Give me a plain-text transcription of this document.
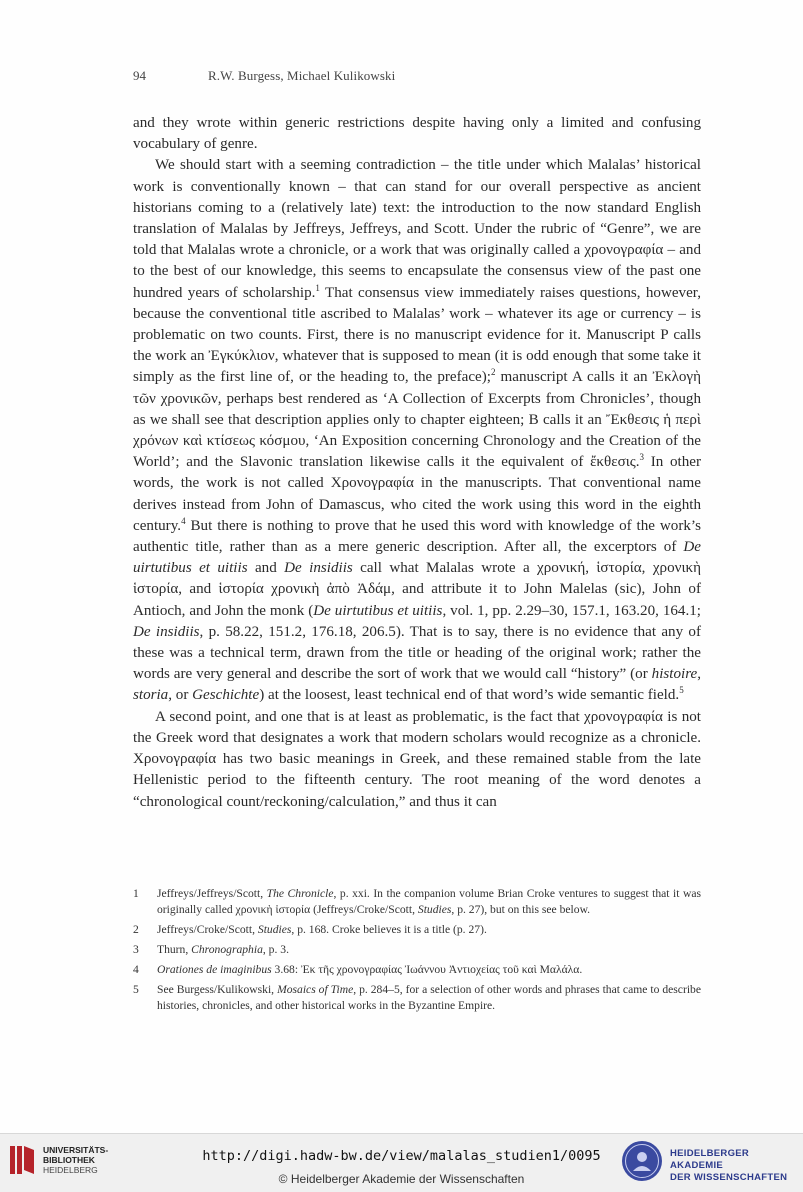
94	R.W. Burgess, Michael Kulikowski

and they wrote within generic restrictions despite having only a limited and confusing vocabulary of genre.

We should start with a seeming contradiction – the title under which Malalas’ historical work is conventionally known – that can stand for our overall perspective as ancient historians coming to a (relatively late) text: the introduction to the now standard English translation of Malalas by Jeffreys, Jeffreys, and Scott. Under the rubric of “Genre”, we are told that Malalas wrote a chronicle, or a work that was originally called a χρονογραφία – and to the best of our knowledge, this seems to encapsulate the consensus view of the past one hundred years of scholarship.$^1$ That consensus view immediately raises questions, however, because the conventional title ascribed to Malalas’ work – whatever its age or currency – is problematic on two counts. First, there is no manuscript evidence for it. Manuscript P calls the work an Ἐγκύκλιον, whatever that is supposed to mean (it is odd enough that some take it simply as the first line of, or the heading to, the preface);$^2$ manuscript A calls it an Ἐκλογὴ τῶν χρονικῶν, perhaps best rendered as ‘A Collection of Excerpts from Chronicles’, though as we shall see that description applies only to chapter eighteen; B calls it an Ἔκθεσις ἡ περὶ χρόνων καὶ κτίσεως κόσμου, ‘An Exposition concerning Chronology and the Creation of the World’; and the Slavonic translation likewise calls it the equivalent of ἔκθεσις.$^3$ In other words, the work is not called Χρονογραφία in the manuscripts. That conventional name derives instead from John of Damascus, who cited the work using this word in the eighth century.$^4$ But there is nothing to prove that he used this word with knowledge of the work’s authentic title, rather than as a mere generic description. After all, the excerptors of De uirtutibus et uitiis and De insidiis call what Malalas wrote a χρονική, ἱστορία, χρονικὴ ἱστορία, and ἱστορία χρονικὴ ἀπὸ Ἀδάμ, and attribute it to John Malelas (sic), John of Antioch, and John the monk (De uirtutibus et uitiis, vol. 1, pp. 2.29–30, 157.1, 163.20, 164.1; De insidiis, p. 58.22, 151.2, 176.18, 206.5). That is to say, there is no evidence that any of these was a technical term, drawn from the title or heading of the original work; rather the words are very general and describe the sort of work that we would call “history” (or histoire, storia, or Geschichte) at the loosest, least technical end of that word’s wide semantic field.$^5$

A second point, and one that is at least as problematic, is the fact that χρονογραφία is not the Greek word that designates a work that modern scholars would recognize as a chronicle. Χρονογραφία has two basic meanings in Greek, and these remained stable from the late Hellenistic period to the fifteenth century. The root meaning of the word denotes a “chronological count/reckoning/calculation,” and thus it can

1 Jeffreys/Jeffreys/Scott, The Chronicle, p. xxi. In the companion volume Brian Croke ventures to suggest that it was originally called χρονικὴ ἱστορία (Jeffreys/Croke/Scott, Studies, p. 27), but on this see below.
2 Jeffreys/Croke/Scott, Studies, p. 168. Croke believes it is a title (p. 27).
3 Thurn, Chronographia, p. 3.
4 Orationes de imaginibus 3.68: Ἐκ τῆς χρονογραφίας Ἰωάννου Ἀντιοχείας τοῦ καὶ Μαλάλα.
5 See Burgess/Kulikowski, Mosaics of Time, p. 284–5, for a selection of other words and phrases that came to describe histories, chronicles, and other historical works in the Byzantine Empire.
UNIVERSITÄTS-
BIBLIOTHEK
HEIDELBERG
http://digi.hadw-bw.de/view/malalas_studien1/0095
© Heidelberger Akademie der Wissenschaften
HEIDELBERGER AKADEMIE
DER WISSENSCHAFTEN
